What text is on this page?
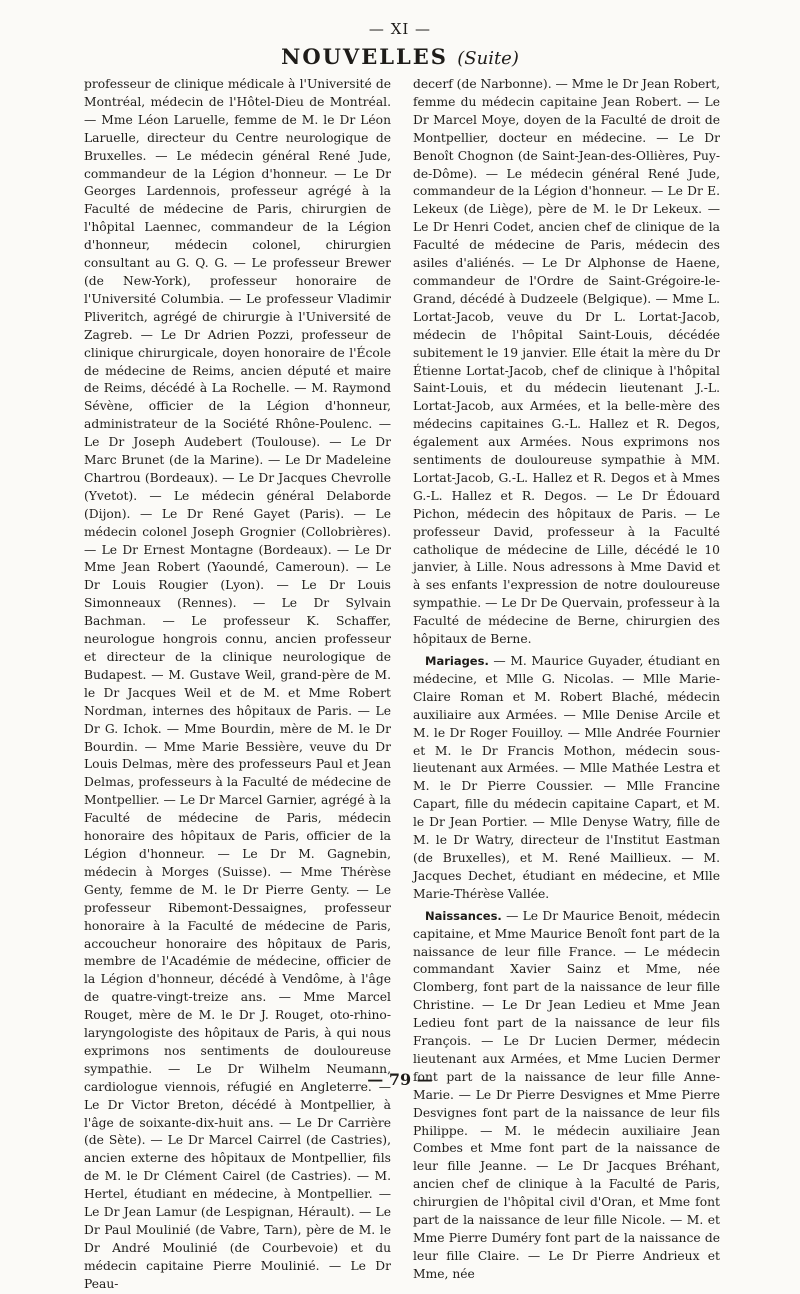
— XI —
NOUVELLES (Suite)

professeur de clinique médicale à l'Université de Montréal, médecin de l'Hôtel-Dieu de Montréal. — Mme Léon Laruelle, femme de M. le Dr Léon Laruelle, directeur du Centre neurologique de Bruxelles. — Le médecin général René Jude, commandeur de la Légion d'honneur. — Le Dr Georges Lardennois, professeur agrégé à la Faculté de médecine de Paris, chirurgien de l'hôpital Laennec, commandeur de la Légion d'honneur, médecin colonel, chirurgien consultant au G. Q. G. — Le professeur Brewer (de New-York), professeur honoraire de l'Université Columbia. — Le professeur Vladimir Pliveritch, agrégé de chirurgie à l'Université de Zagreb. — Le Dr Adrien Pozzi, professeur de clinique chirurgicale, doyen honoraire de l'École de médecine de Reims, ancien député et maire de Reims, décédé à La Rochelle. — M. Raymond Sévène, officier de la Légion d'honneur, administrateur de la Société Rhône-Poulenc. — Le Dr Joseph Audebert (Toulouse). — Le Dr Marc Brunet (de la Marine). — Le Dr Madeleine Chartrou (Bordeaux). — Le Dr Jacques Chevrolle (Yvetot). — Le médecin général Delaborde (Dijon). — Le Dr René Gayet (Paris). — Le médecin colonel Joseph Grognier (Collobrières). — Le Dr Ernest Montagne (Bordeaux). — Le Dr Mme Jean Robert (Yaoundé, Cameroun). — Le Dr Louis Rougier (Lyon). — Le Dr Louis Simonneaux (Rennes). — Le Dr Sylvain Bachman. — Le professeur K. Schaffer, neurologue hongrois connu, ancien professeur et directeur de la clinique neurologique de Budapest. — M. Gustave Weil, grand-père de M. le Dr Jacques Weil et de M. et Mme Robert Nordman, internes des hôpitaux de Paris. — Le Dr G. Ichok. — Mme Bourdin, mère de M. le Dr Bourdin. — Mme Marie Bessière, veuve du Dr Louis Delmas, mère des professeurs Paul et Jean Delmas, professeurs à la Faculté de médecine de Montpellier. — Le Dr Marcel Garnier, agrégé à la Faculté de médecine de Paris, médecin honoraire des hôpitaux de Paris, officier de la Légion d'honneur. — Le Dr M. Gagnebin, médecin à Morges (Suisse). — Mme Thérèse Genty, femme de M. le Dr Pierre Genty. — Le professeur Ribemont-Dessaignes, professeur honoraire à la Faculté de médecine de Paris, accoucheur honoraire des hôpitaux de Paris, membre de l'Académie de médecine, officier de la Légion d'honneur, décédé à Vendôme, à l'âge de quatre-vingt-treize ans. — Mme Marcel Rouget, mère de M. le Dr J. Rouget, oto-rhino-laryngologiste des hôpitaux de Paris, à qui nous exprimons nos sentiments de douloureuse sympathie. — Le Dr Wilhelm Neumann, cardiologue viennois, réfugié en Angleterre. — Le Dr Victor Breton, décédé à Montpellier, à l'âge de soixante-dix-huit ans. — Le Dr Carrière (de Sète). — Le Dr Marcel Cairrel (de Castries), ancien externe des hôpitaux de Montpellier, fils de M. le Dr Clément Cairel (de Castries). — M. Hertel, étudiant en médecine, à Montpellier. — Le Dr Jean Lamur (de Lespignan, Hérault). — Le Dr Paul Moulinié (de Vabre, Tarn), père de M. le Dr André Moulinié (de Courbevoie) et du médecin capitaine Pierre Moulinié. — Le Dr Peau-

decerf (de Narbonne). — Mme le Dr Jean Robert, femme du médecin capitaine Jean Robert. — Le Dr Marcel Moye, doyen de la Faculté de droit de Montpellier, docteur en médecine. — Le Dr Benoît Chognon (de Saint-Jean-des-Ollières, Puy-de-Dôme). — Le médecin général René Jude, commandeur de la Légion d'honneur. — Le Dr E. Lekeux (de Liège), père de M. le Dr Lekeux. — Le Dr Henri Codet, ancien chef de clinique de la Faculté de médecine de Paris, médecin des asiles d'aliénés. — Le Dr Alphonse de Haene, commandeur de l'Ordre de Saint-Grégoire-le-Grand, décédé à Dudzeele (Belgique). — Mme L. Lortat-Jacob, veuve du Dr L. Lortat-Jacob, médecin de l'hôpital Saint-Louis, décédée subitement le 19 janvier. Elle était la mère du Dr Étienne Lortat-Jacob, chef de clinique à l'hôpital Saint-Louis, et du médecin lieutenant J.-L. Lortat-Jacob, aux Armées, et la belle-mère des médecins capitaines G.-L. Hallez et R. Degos, également aux Armées. Nous exprimons nos sentiments de douloureuse sympathie à MM. Lortat-Jacob, G.-L. Hallez et R. Degos et à Mmes G.-L. Hallez et R. Degos. — Le Dr Édouard Pichon, médecin des hôpitaux de Paris. — Le professeur David, professeur à la Faculté catholique de médecine de Lille, décédé le 10 janvier, à Lille. Nous adressons à Mme David et à ses enfants l'expression de notre douloureuse sympathie. — Le Dr De Quervain, professeur à la Faculté de médecine de Berne, chirurgien des hôpitaux de Berne.

Mariages. — M. Maurice Guyader, étudiant en médecine, et Mlle G. Nicolas. — Mlle Marie-Claire Roman et M. Robert Blaché, médecin auxiliaire aux Armées. — Mlle Denise Arcile et M. le Dr Roger Fouilloy. — Mlle Andrée Fournier et M. le Dr Francis Mothon, médecin sous-lieutenant aux Armées. — Mlle Mathée Lestra et M. le Dr Pierre Coussier. — Mlle Francine Capart, fille du médecin capitaine Capart, et M. le Dr Jean Portier. — Mlle Denyse Watry, fille de M. le Dr Watry, directeur de l'Institut Eastman (de Bruxelles), et M. René Maillieux. — M. Jacques Dechet, étudiant en médecine, et Mlle Marie-Thérèse Vallée.

Naissances. — Le Dr Maurice Benoit, médecin capitaine, et Mme Maurice Benoît font part de la naissance de leur fille France. — Le médecin commandant Xavier Sainz et Mme, née Clomberg, font part de la naissance de leur fille Christine. — Le Dr Jean Ledieu et Mme Jean Ledieu font part de la naissance de leur fils François. — Le Dr Lucien Dermer, médecin lieutenant aux Armées, et Mme Lucien Dermer font part de la naissance de leur fille Anne-Marie. — Le Dr Pierre Desvignes et Mme Pierre Desvignes font part de la naissance de leur fils Philippe. — M. le médecin auxiliaire Jean Combes et Mme font part de la naissance de leur fille Jeanne. — Le Dr Jacques Bréhant, ancien chef de clinique à la Faculté de Paris, chirurgien de l'hôpital civil d'Oran, et Mme font part de la naissance de leur fille Nicole. — M. et Mme Pierre Duméry font part de la naissance de leur fille Claire. — Le Dr Pierre Andrieux et Mme, née

— 79 —
